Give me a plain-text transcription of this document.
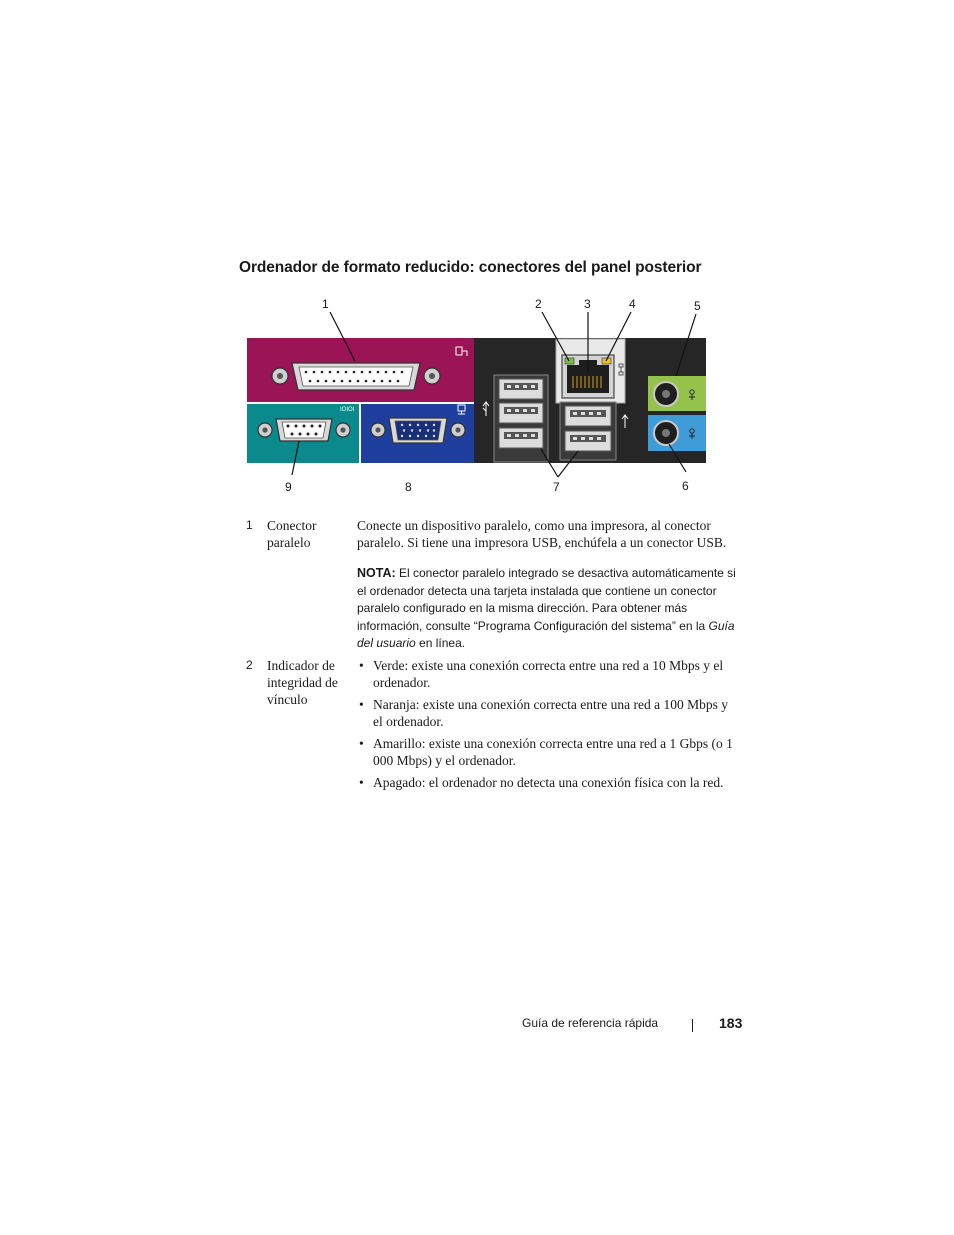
Ordenador de formato reducido: conectores del panel posterior
IOIOI
1	2	3	4	5
6
7
8
9
1	Conector paralelo

Conecte un dispositivo paralelo, como una impresora, al conector paralelo. Si tiene una impresora USB, enchúfela a un conector USB.

NOTA: El conector paralelo integrado se desactiva automáticamente si el ordenador detecta una tarjeta instalada que contiene un conector paralelo configurado en la misma dirección. Para obtener más información, consulte “Programa Configuración del sistema” en la Guía del usuario en línea.
2	Indicador de integridad de vínculo
• Verde: existe una conexión correcta entre una red a 10 Mbps y el ordenador.
• Naranja: existe una conexión correcta entre una red a 100 Mbps y el ordenador.
• Amarillo: existe una conexión correcta entre una red a 1 Gbps (o 1 000 Mbps) y el ordenador.
• Apagado: el ordenador no detecta una conexión física con la red.
Guía de referencia rápida	183
